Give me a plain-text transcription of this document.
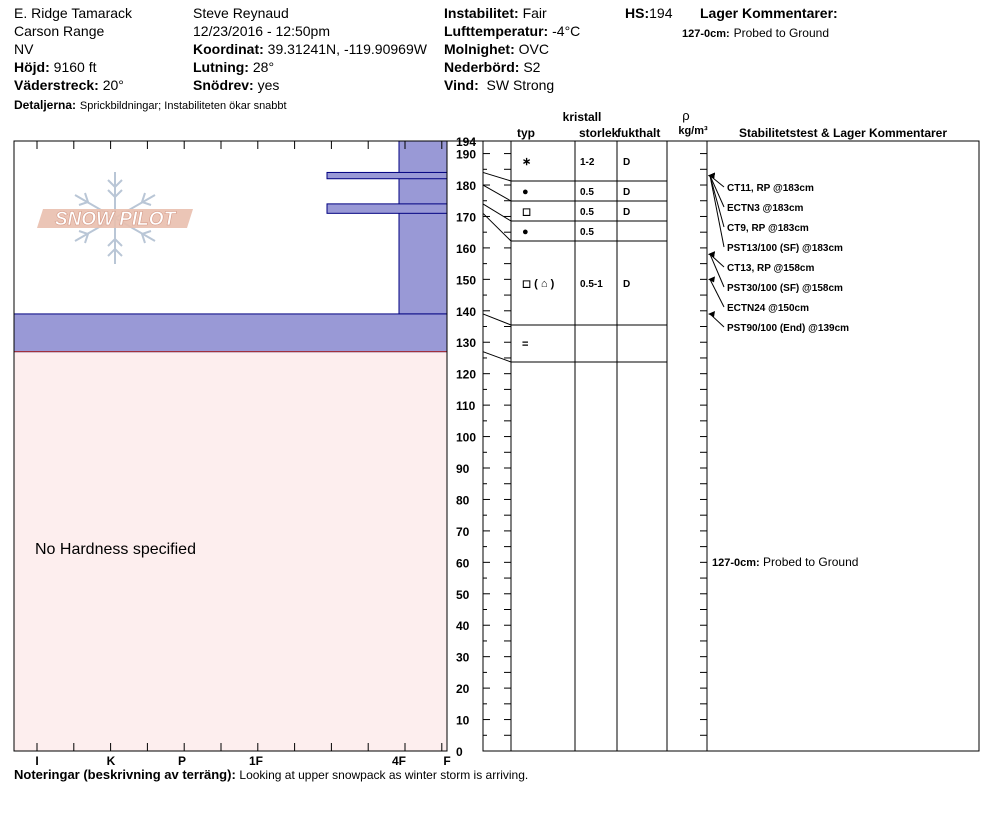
E. Ridge Tamarack
Carson Range
NV
Höjd: 9160 ft
Väderstreck: 20°
Detaljerna: Sprickbildningar; Instabiliteten ökar snabbt
Steve Reynaud
12/23/2016 - 12:50pm
Koordinat: 39.31241N, -119.90969W
Lutning: 28°
Snödrev: yes
Instabilitet: Fair
Lufttemperatur: -4°C
Molnighet: OVC
Nederbörd: S2
Vind: SW Strong
HS:194 Lager Kommentarer:
127-0cm: Probed to Ground
SNOW PILOT
I	K	P	1F	4F	F
0
10
20
30
40
50
60
70
80
90
100
110
120
130
140
150
160
170
180
190
194
∗	1-2	D
●	0.5	D
◻	0.5	D
●	0.5
◻ ( ⌂ )	0.5-1 D
=
CT11, RP @183cm
ECTN3 @183cm
CT9, RP @183cm
PST13/100 (SF) @183cm
CT13, RP @158cm
PST30/100 (SF) @158cm
ECTN24 @150cm
PST90/100 (End) @139cm
kristall
typ	storlek
fukthalt
ρ
kg/m³	Stabilitetstest & Lager Kommentarer
127-0cm: Probed to Ground
No Hardness specified
Noteringar (beskrivning av terräng): Looking at upper snowpack as winter storm is arriving.
